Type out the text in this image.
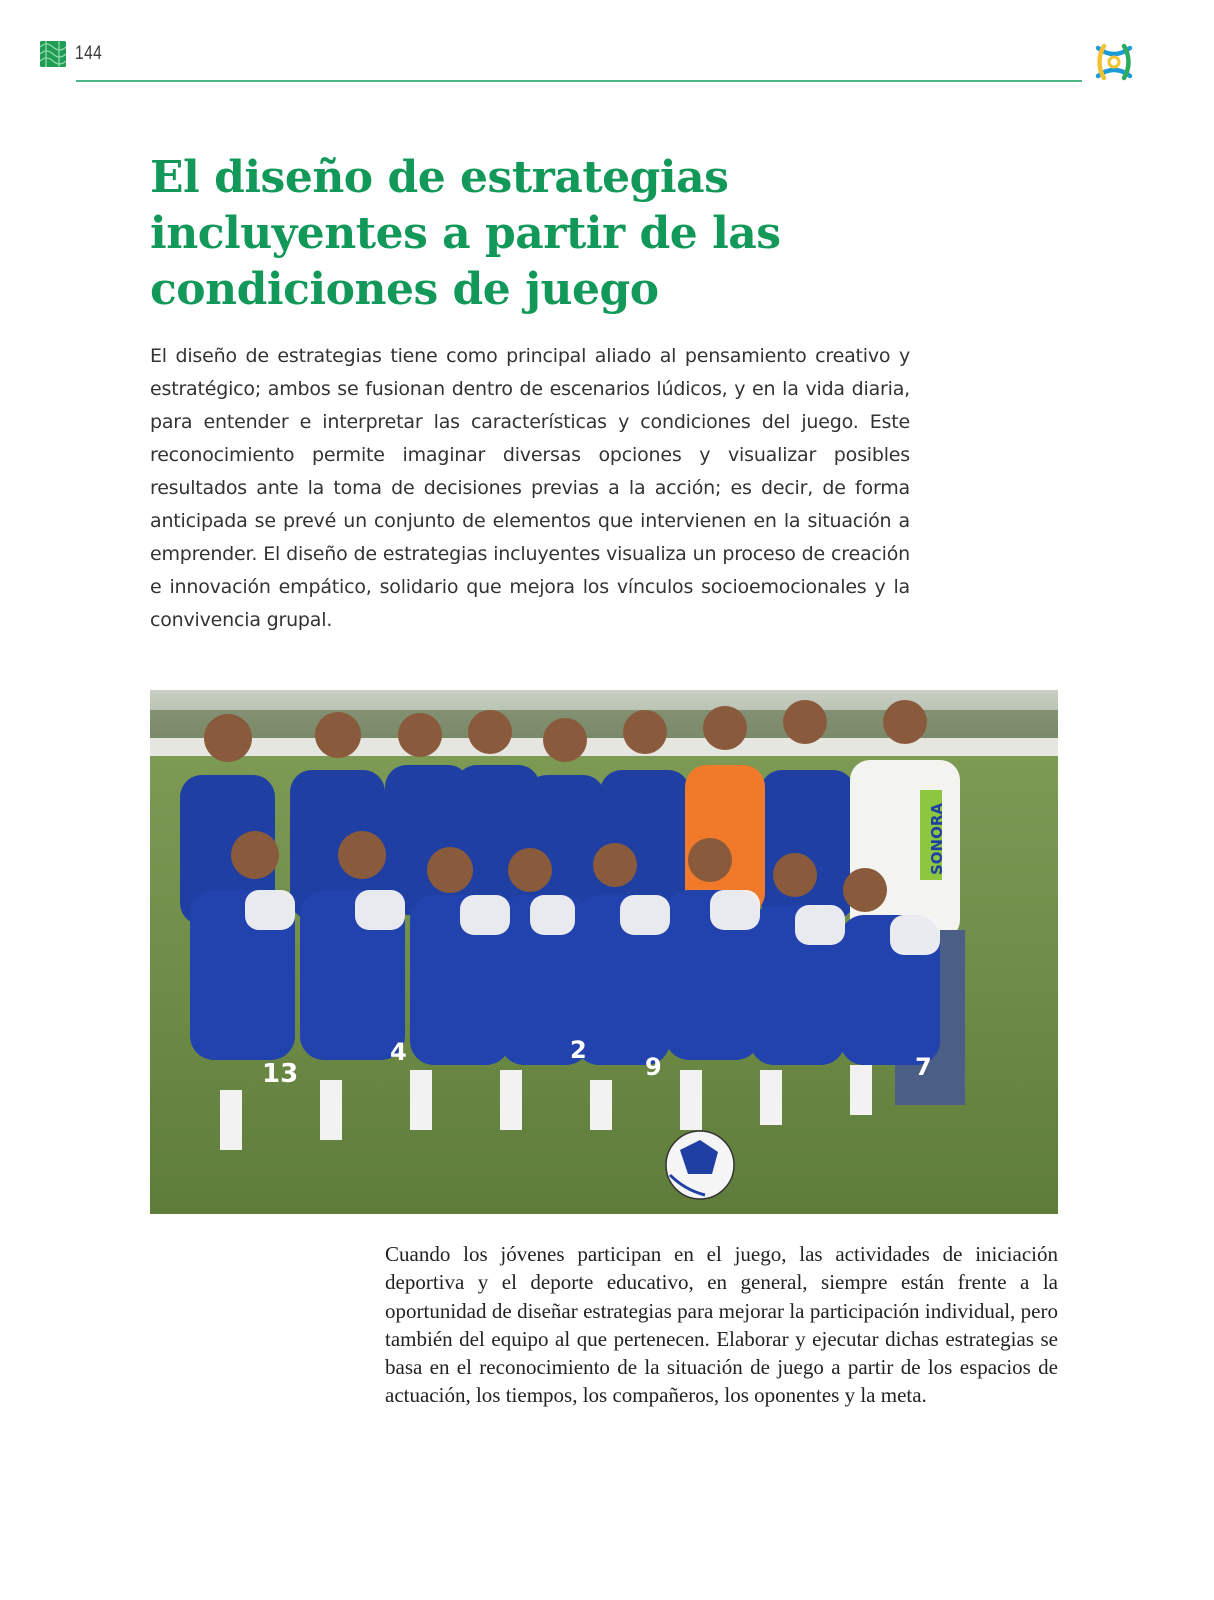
144
El diseño de estrategias incluyentes a partir de las condiciones de juego

El diseño de estrategias tiene como principal aliado al pensamiento creativo y estratégico; ambos se fusionan dentro de escenarios lúdicos, y en la vida diaria, para entender e interpretar las características y condiciones del juego. Este reconocimiento permite imaginar diversas opciones y visualizar posibles resultados ante la toma de decisiones previas a la acción; es decir, de forma anticipada se prevé un conjunto de elementos que intervienen en la situación a emprender. El diseño de estrategias incluyentes visualiza un proceso de creación e innovación empático, solidario que mejora los vínculos socioemocionales y la convivencia grupal.

SONORA
13
4	2
9	7

Cuando los jóvenes participan en el juego, las actividades de iniciación deportiva y el deporte educativo, en general, siempre están frente a la oportunidad de diseñar estrategias para mejorar la participación individual, pero también del equipo al que pertenecen. Elaborar y ejecutar dichas estrategias se basa en el reconocimiento de la situación de juego a partir de los espacios de actuación, los tiempos, los compañeros, los oponentes y la meta.
